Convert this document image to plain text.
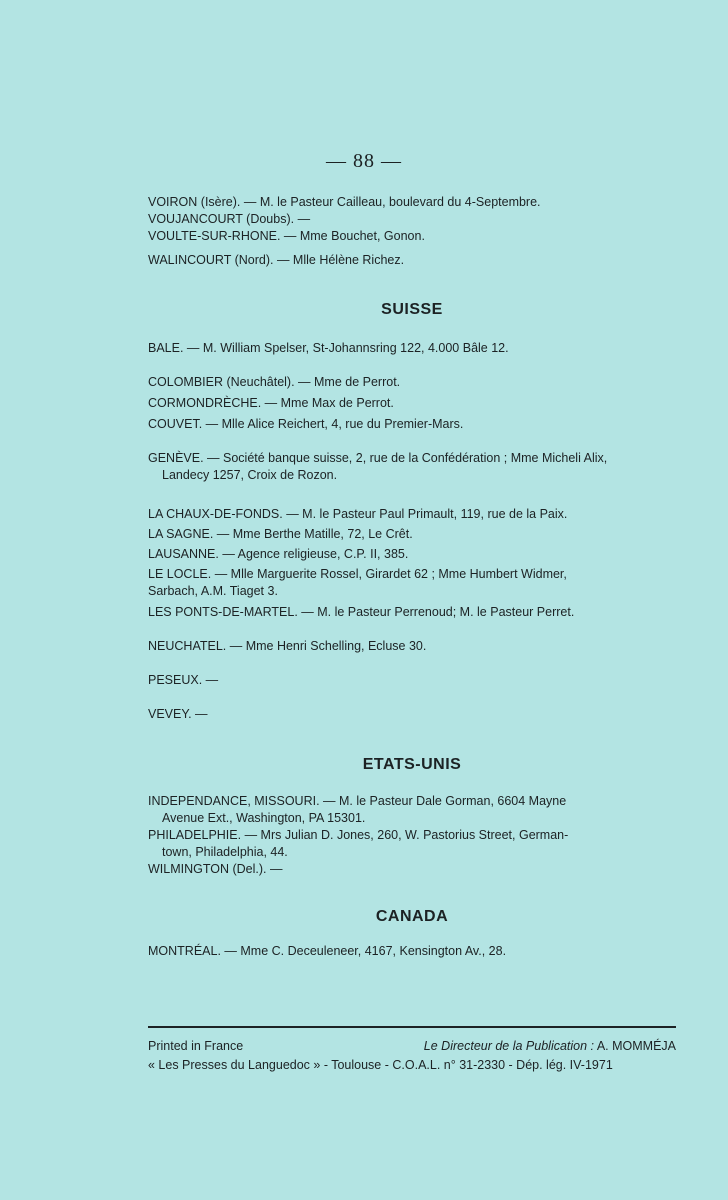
— 88 —

VOIRON (Isère). — M. le Pasteur Cailleau, boulevard du 4-Septembre.

VOUJANCOURT (Doubs). —

VOULTE-SUR-RHONE. — Mme Bouchet, Gonon.

WALINCOURT (Nord). — Mlle Hélène Richez.

SUISSE

BALE. — M. William Spelser, St-Johannsring 122, 4.000 Bâle 12.

COLOMBIER (Neuchâtel). — Mme de Perrot.

CORMONDRÈCHE. — Mme Max de Perrot.

COUVET. — Mlle Alice Reichert, 4, rue du Premier-Mars.

GENÈVE. — Société banque suisse, 2, rue de la Confédération ; Mme Micheli Alix,
Landecy 1257, Croix de Rozon.

LA CHAUX-DE-FONDS. — M. le Pasteur Paul Primault, 119, rue de la Paix.

LA SAGNE. — Mme Berthe Matille, 72, Le Crêt.

LAUSANNE. — Agence religieuse, C.P. II, 385.

LE LOCLE. — Mlle Marguerite Rossel, Girardet 62 ; Mme Humbert Widmer,
Sarbach, A.M. Tiaget 3.

LES PONTS-DE-MARTEL. — M. le Pasteur Perrenoud; M. le Pasteur Perret.

NEUCHATEL. — Mme Henri Schelling, Ecluse 30.

PESEUX. —

VEVEY. —

ETATS-UNIS

INDEPENDANCE, MISSOURI. — M. le Pasteur Dale Gorman, 6604 Mayne
Avenue Ext., Washington, PA 15301.

PHILADELPHIE. — Mrs Julian D. Jones, 260, W. Pastorius Street, German-
town, Philadelphia, 44.

WILMINGTON (Del.). —

CANADA

MONTRÉAL. — Mme C. Deceuleneer, 4167, Kensington Av., 28.

Printed in France	Le Directeur de la Publication : A. MOMMÉJA
« Les Presses du Languedoc » - Toulouse - C.O.A.L. n° 31-2330 - Dép. lég. IV-1971
